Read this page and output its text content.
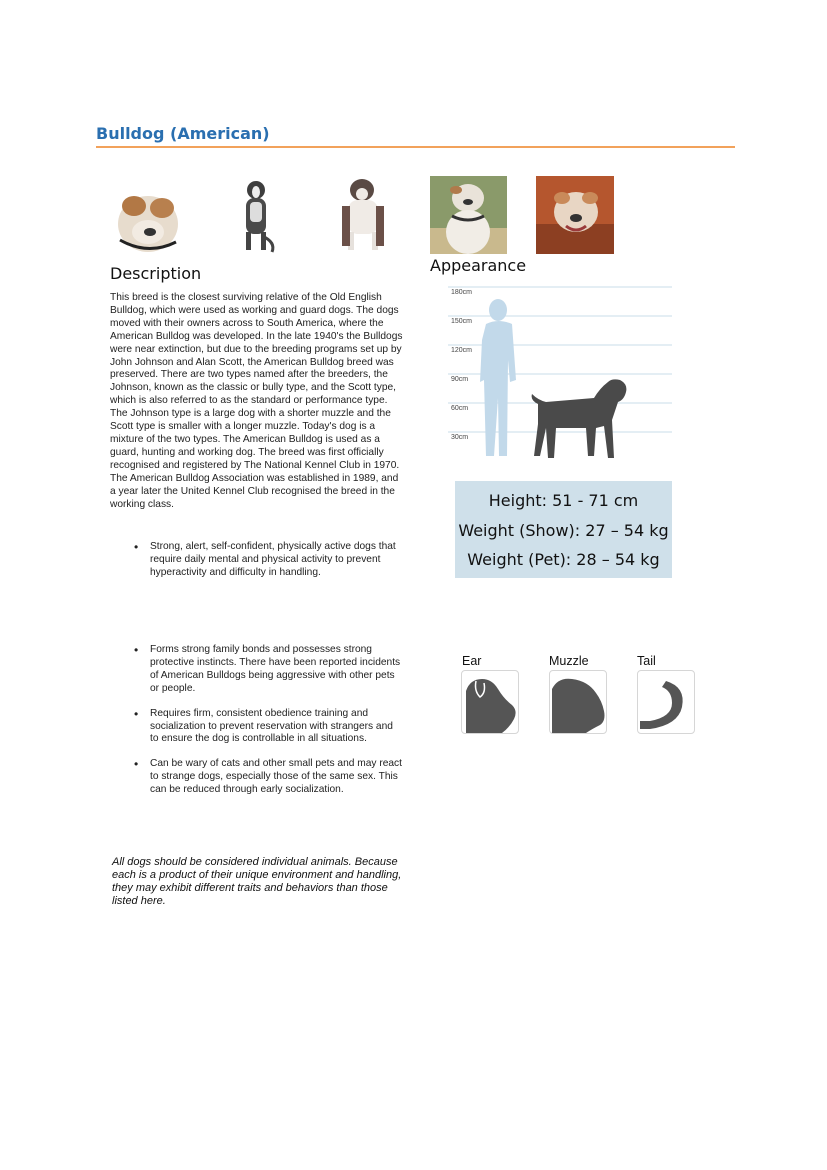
Bulldog (American)
Description
This breed is the closest surviving relative of the Old English Bulldog, which were used as working and guard dogs. The dogs moved with their owners across to South America, where the American Bulldog was developed. In the late 1940's the Bulldogs were near extinction, but due to the breeding programs set up by John Johnson and Alan Scott, the American Bulldog breed was preserved. There are two types named after the breeders, the Johnson, known as the classic or bully type, and the Scott type, which is also referred to as the standard or performance type. The Johnson type is a large dog with a shorter muzzle and the Scott type is smaller with a longer muzzle. Today's dog is a mixture of the two types. The American Bulldog is used as a guard, hunting and working dog. The breed was first officially recognised and registered by The National Kennel Club in 1970. The American Bulldog Association was established in 1989, and a year later the United Kennel Club recognised the breed in the working class.
• Strong, alert, self-confident, physically active dogs that require daily mental and physical activity to prevent hyperactivity and difficulty in handling.
• Forms strong family bonds and possesses strong protective instincts. There have been reported incidents of American Bulldogs being aggressive with other pets or people.
• Requires firm, consistent obedience training and socialization to prevent reservation with strangers and to ensure the dog is controllable in all situations.
• Can be wary of cats and other small pets and may react to strange dogs, especially those of the same sex. This can be reduced through early socialization.
All dogs should be considered individual animals. Because each is a product of their unique environment and handling, they may exhibit different traits and behaviors than those listed here.
Appearance
180cm
150cm
120cm
90cm
60cm
30cm
Height: 51 - 71 cm
Weight (Show): 27 – 54 kg
Weight (Pet): 28 – 54 kg
Ear	Muzzle	Tail
